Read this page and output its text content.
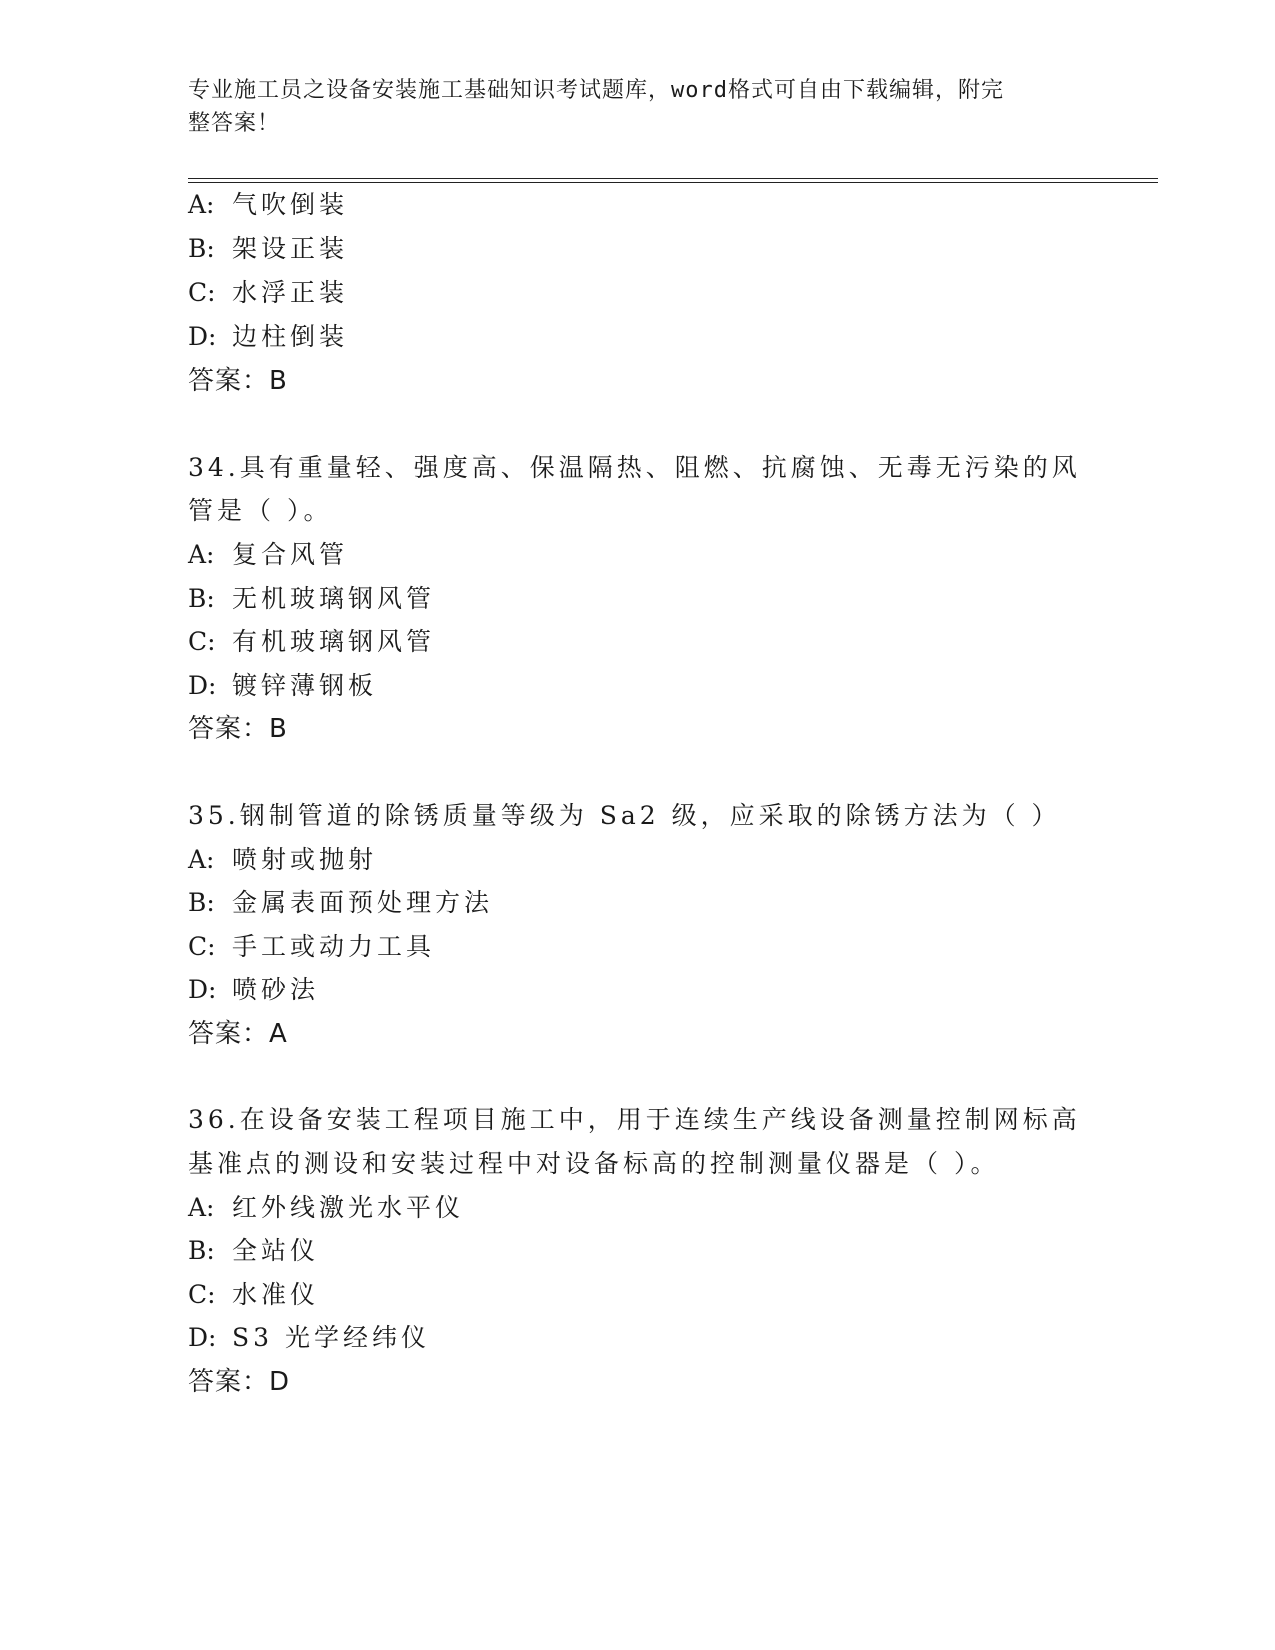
专业施工员之设备安装施工基础知识考试题库，word格式可自由下载编辑，附完
整答案！
A: 气吹倒装
B: 架设正装
C: 水浮正装
D: 边柱倒装
答案：B
34.具有重量轻、强度高、保温隔热、阻燃、抗腐蚀、无毒无污染的风
管是（ ）。
A: 复合风管
B: 无机玻璃钢风管
C: 有机玻璃钢风管
D: 镀锌薄钢板
答案：B
35.钢制管道的除锈质量等级为 Sa2 级，应采取的除锈方法为（ ）
A: 喷射或抛射
B: 金属表面预处理方法
C: 手工或动力工具
D: 喷砂法
答案：A
36.在设备安装工程项目施工中，用于连续生产线设备测量控制网标高
基准点的测设和安装过程中对设备标高的控制测量仪器是（ ）。
A: 红外线激光水平仪
B: 全站仪
C: 水准仪
D: S3 光学经纬仪
答案：D
